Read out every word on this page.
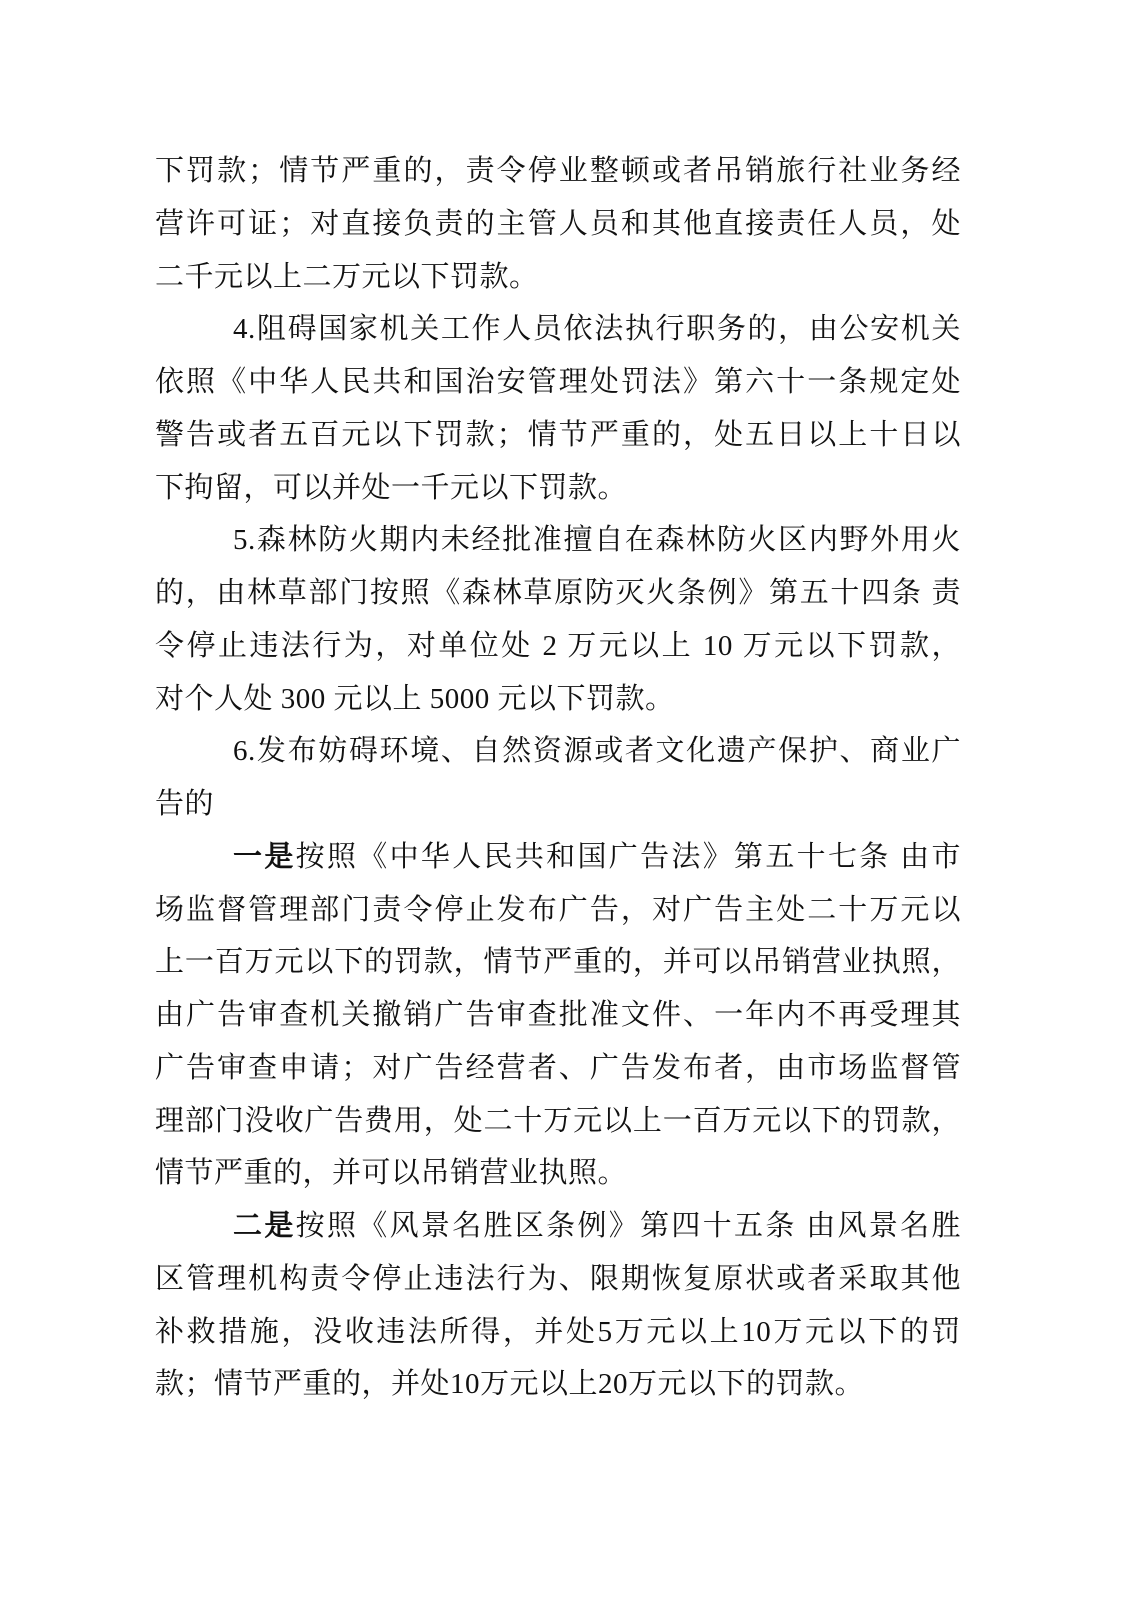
下罚款；情节严重的，责令停业整顿或者吊销旅行社业务经
营许可证；对直接负责的主管人员和其他直接责任人员，处
二千元以上二万元以下罚款。
4.阻碍国家机关工作人员依法执行职务的，由公安机关
依照《中华人民共和国治安管理处罚法》第六十一条规定处
警告或者五百元以下罚款；情节严重的，处五日以上十日以
下拘留，可以并处一千元以下罚款。
5.森林防火期内未经批准擅自在森林防火区内野外用火
的，由林草部门按照《森林草原防灭火条例》第五十四条 责
令停止违法行为，对单位处 2 万元以上 10 万元以下罚款，
对个人处 300 元以上 5000 元以下罚款。
6.发布妨碍环境、自然资源或者文化遗产保护、商业广
告的
一是按照《中华人民共和国广告法》第五十七条 由市
场监督管理部门责令停止发布广告，对广告主处二十万元以
上一百万元以下的罚款，情节严重的，并可以吊销营业执照，
由广告审查机关撤销广告审查批准文件、一年内不再受理其
广告审查申请；对广告经营者、广告发布者，由市场监督管
理部门没收广告费用，处二十万元以上一百万元以下的罚款，
情节严重的，并可以吊销营业执照。
二是按照《风景名胜区条例》第四十五条 由风景名胜
区管理机构责令停止违法行为、限期恢复原状或者采取其他
补救措施，没收违法所得，并处5万元以上10万元以下的罚
款；情节严重的，并处10万元以上20万元以下的罚款。
